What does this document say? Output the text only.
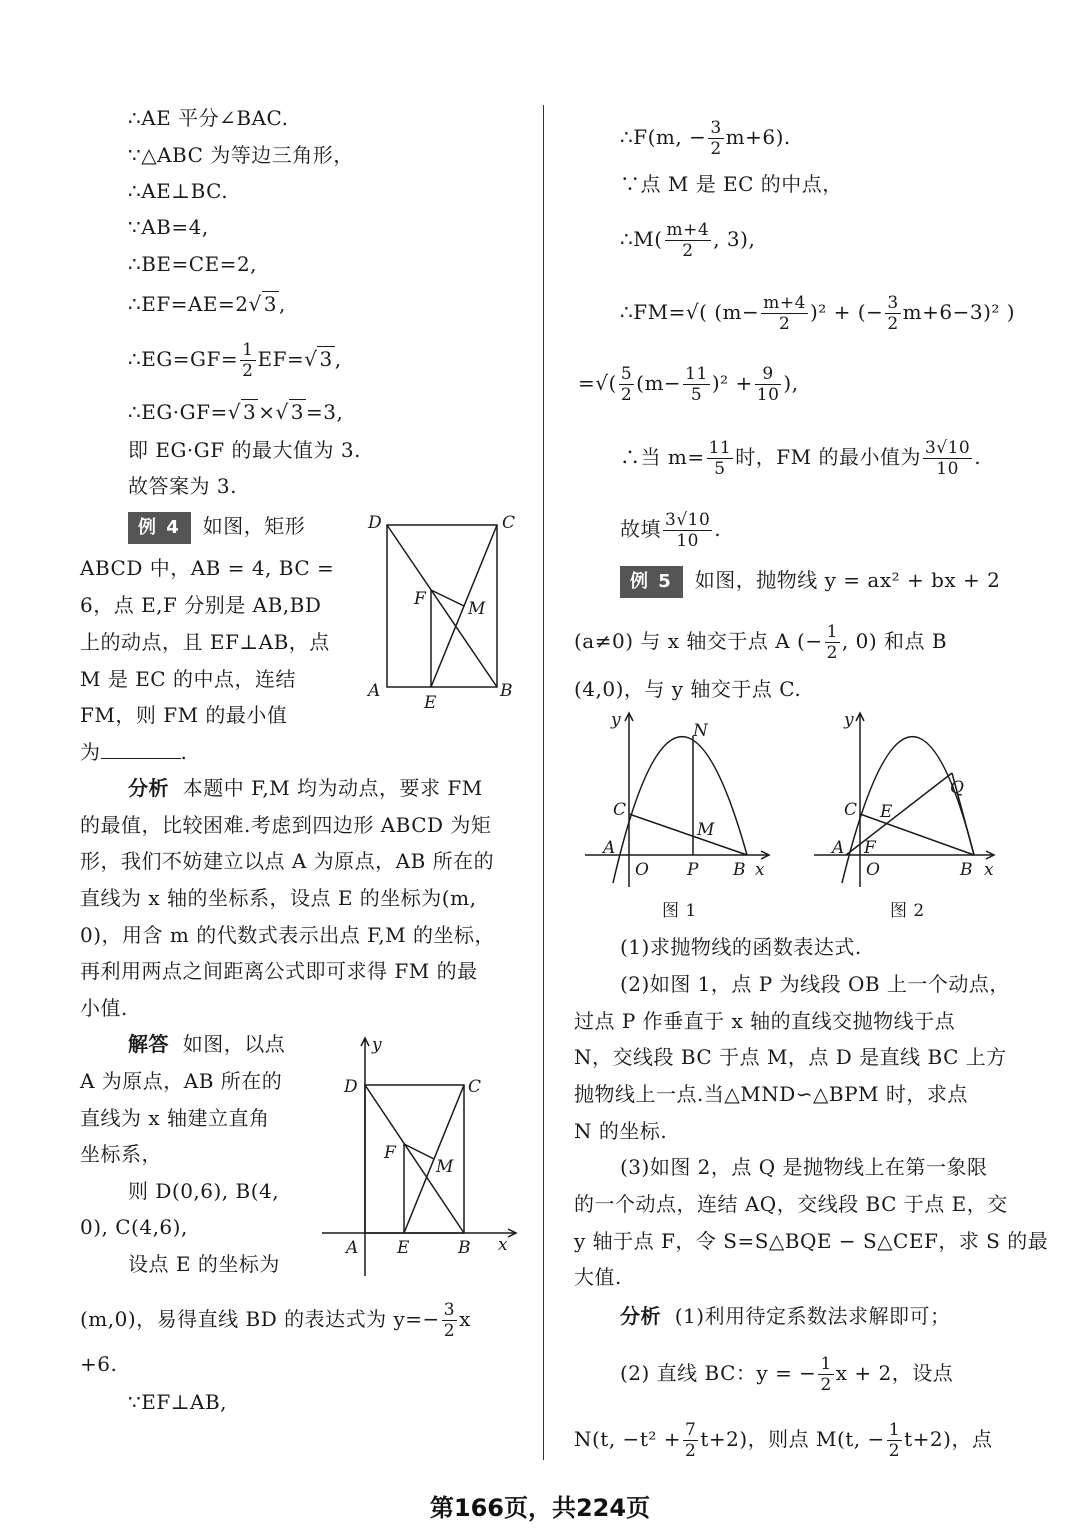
∴AE 平分∠BAC.
∵△ABC 为等边三角形，
∴AE⊥BC.
∵AB=4,
∴BE=CE=2,
∴EF=AE=2√ 3 ,
∴EG=GF= $\frac{1}{2} EF=√$ 3 ,
∴EG·GF=√ 3 ×√ 3 =3,
即 EG·GF 的最大值为 3.
故答案为 3.
例 4 如图，矩形
ABCD 中，AB = 4, BC =
6，点 E,F 分别是 AB,BD
上的动点，且 EF⊥AB，点
M 是 EC 的中点，连结
FM，则 FM 的最小值
为	.
D	C
F M
A
E
B
分析 本题中 F,M 均为动点，要求 FM
的最值，比较困难.考虑到四边形 ABCD 为矩
形，我们不妨建立以点 A 为原点，AB 所在的
直线为 x 轴的坐标系，设点 E 的坐标为(m,
0)，用含 m 的代数式表示出点 F,M 的坐标，
再利用两点之间距离公式即可求得 FM 的最
小值.
解答 如图，以点
A 为原点，AB 所在的
直线为 x 轴建立直角
坐标系，
则 D(0,6), B(4,
0), C(4,6),
设点 E 的坐标为
(m,0)，易得直线 BD 的表达式为 $y=- \frac{3}{2}$ x
+6.
∵EF⊥AB,
y
D	C
F
M
A E	B x
∴F(m, − $\frac{3}{2} m+6$).
∵点 M 是 EC 的中点，
∴M( $\frac{m+4}{2}$ , 3),
∴FM=√( $(m- \frac{m+4}{2} )^2$ + (− $\frac{3}{2} m+6-3)^2$ )
=√( $\frac{5}{2} (m- \frac{11}{5} )^2 + \frac{9}{10}$ ),
∴当 $m= \frac{11}{5}$ 时，FM 的最小值为 $\frac{3√10}{10}$ .
故填 $\frac{3√10}{10}$ .
例 5 如图，抛物线 y = ax² + bx + 2
(a≠0) 与 x 轴交于点 A (− $\frac{1}{2}$ , 0) 和点 B
(4,0)，与 y 轴交于点 C.
y
N
C
M
A
O P B x
图 1
y
Q
C E
A F
O	B x
图 2
(1)求抛物线的函数表达式.
(2)如图 1，点 P 为线段 OB 上一个动点，
过点 P 作垂直于 x 轴的直线交抛物线于点
N，交线段 BC 于点 M，点 D 是直线 BC 上方
抛物线上一点.当△MND∽△BPM 时，求点
N 的坐标.
(3)如图 2，点 Q 是抛物线上在第一象限
的一个动点，连结 AQ，交线段 BC 于点 E，交
y 轴于点 F，令 S=S△BQE − S△CEF，求 S 的最
大值.
分析 (1)利用待定系数法求解即可；
(2) 直线 BC：y = − $\frac{1}{2}$ x + 2，设点
N(t, $-t^2 + \frac{7}{2} t+2$)，则点 M(t, − $\frac{1}{2} t+2$)，点
第166页，共224页
